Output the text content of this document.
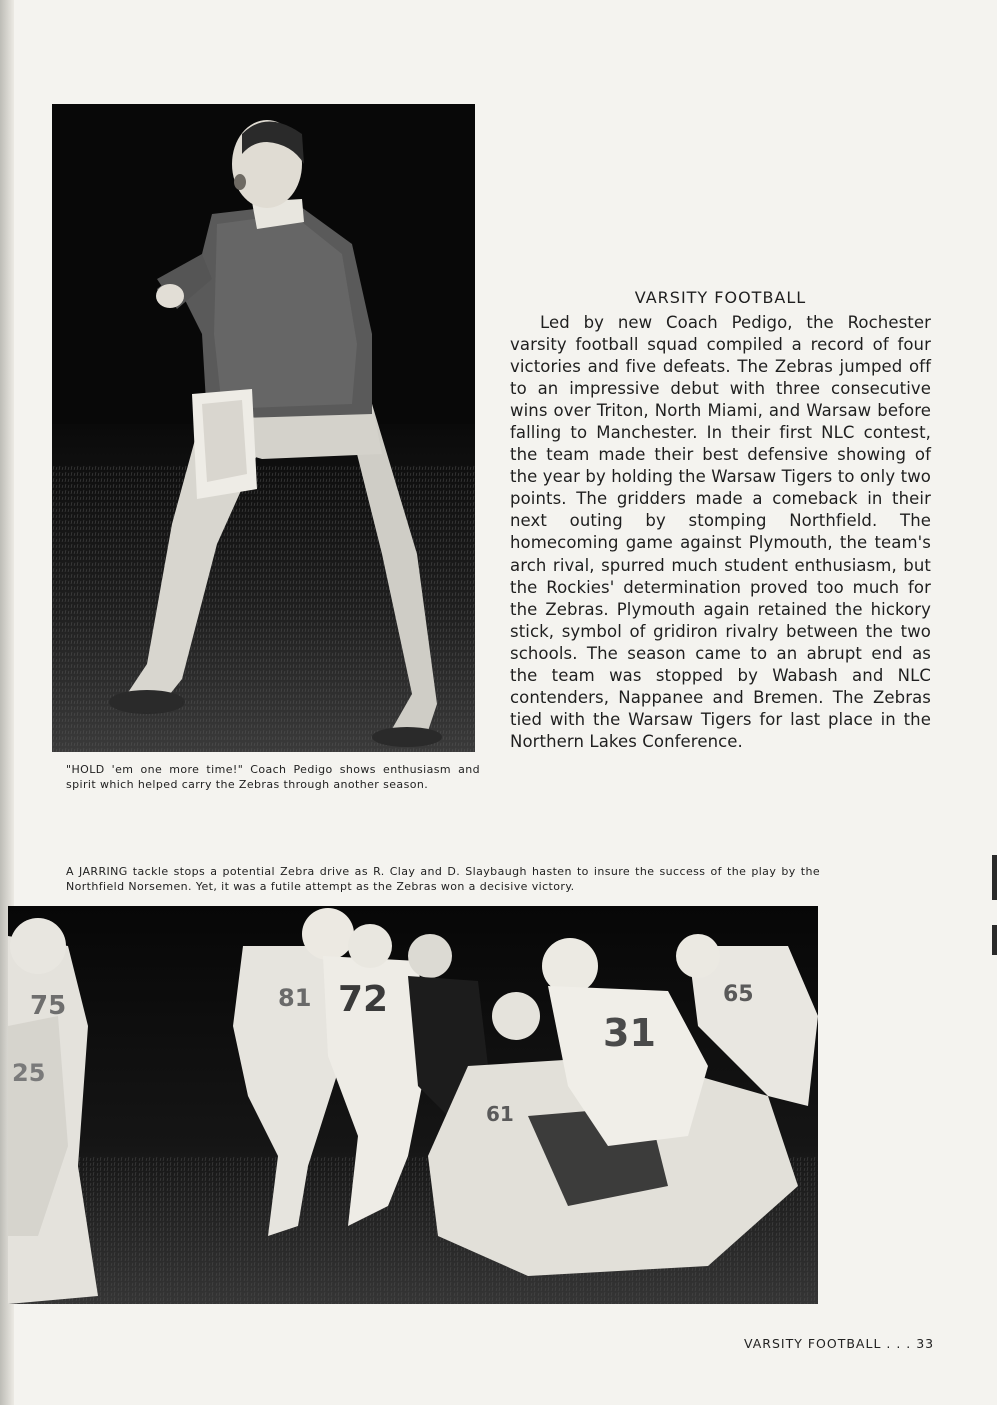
"HOLD 'em one more time!" Coach Pedigo shows enthusiasm and spirit which helped carry the Zebras through another season.
VARSITY FOOTBALL

Led by new Coach Pedigo, the Rochester varsity football squad compiled a record of four victories and five defeats. The Zebras jumped off to an impressive debut with three consecutive wins over Triton, North Miami, and Warsaw before falling to Manchester. In their first NLC contest, the team made their best defensive showing of the year by holding the Warsaw Tigers to only two points. The gridders made a comeback in their next outing by stomping Northfield. The homecoming game against Plymouth, the team's arch rival, spurred much student enthusiasm, but the Rockies' determination proved too much for the Zebras. Plymouth again retained the hickory stick, symbol of gridiron rivalry between the two schools. The season came to an abrupt end as the team was stopped by Wabash and NLC contenders, Nappanee and Bremen. The Zebras tied with the Warsaw Tigers for last place in the Northern Lakes Conference.

A JARRING tackle stops a potential Zebra drive as R. Clay and D. Slaybaugh hasten to insure the success of the play by the Northfield Norsemen. Yet, it was a futile attempt as the Zebras won a decisive victory.
75
25
81 72
31
61
65
VARSITY FOOTBALL . . . 33
